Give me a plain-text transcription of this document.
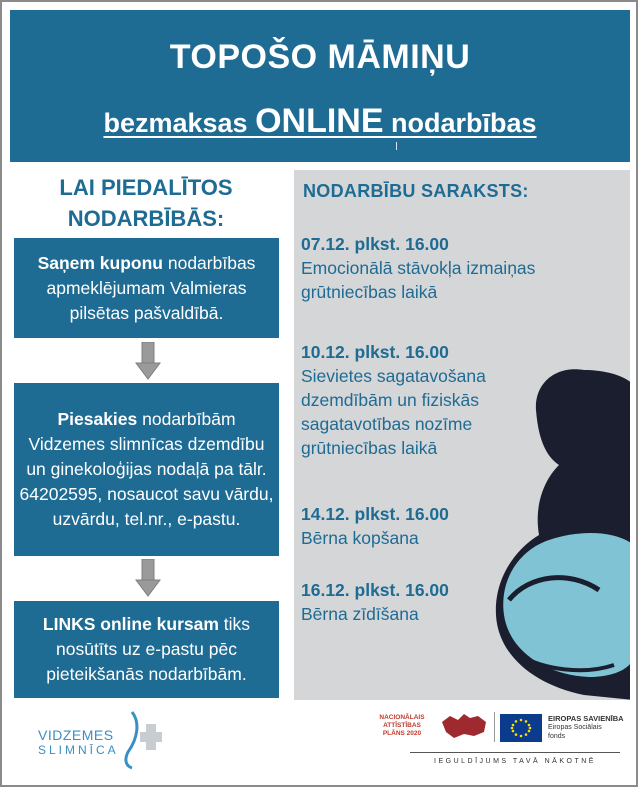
TOPOŠO MĀMIŅU
bezmaksas ONLINE nodarbības
LAI PIEDALĪTOS
NODARBĪBĀS:
Saņem kuponu nodarbības apmeklējumam Valmieras pilsētas pašvaldībā.
Piesakies nodarbībām Vidzemes slimnīcas dzemdību un ginekoloģijas nodaļā pa tālr. 64202595, nosaucot savu vārdu, uzvārdu, tel.nr., e-pastu.
LINKS online kursam tiks nosūtīts uz e-pastu pēc pieteikšanās nodarbībām.
NODARBĪBU SARAKSTS:
07.12. plkst. 16.00
Emocionālā stāvokļa izmaiņas grūtniecības laikā
10.12. plkst. 16.00
Sievietes sagatavošana dzemdībām un fiziskās sagatavotības nozīme grūtniecības laikā
14.12. plkst. 16.00
Bērna kopšana
16.12. plkst. 16.00
Bērna zīdīšana
VIDZEMES
SLIMNĪCA
NACIONĀLAIS
ATTĪSTĪBAS
PLĀNS 2020
EIROPAS SAVIENĪBA
Eiropas Sociālais
fonds
IEGULDĪJUMS TAVĀ NĀKOTNĒ
